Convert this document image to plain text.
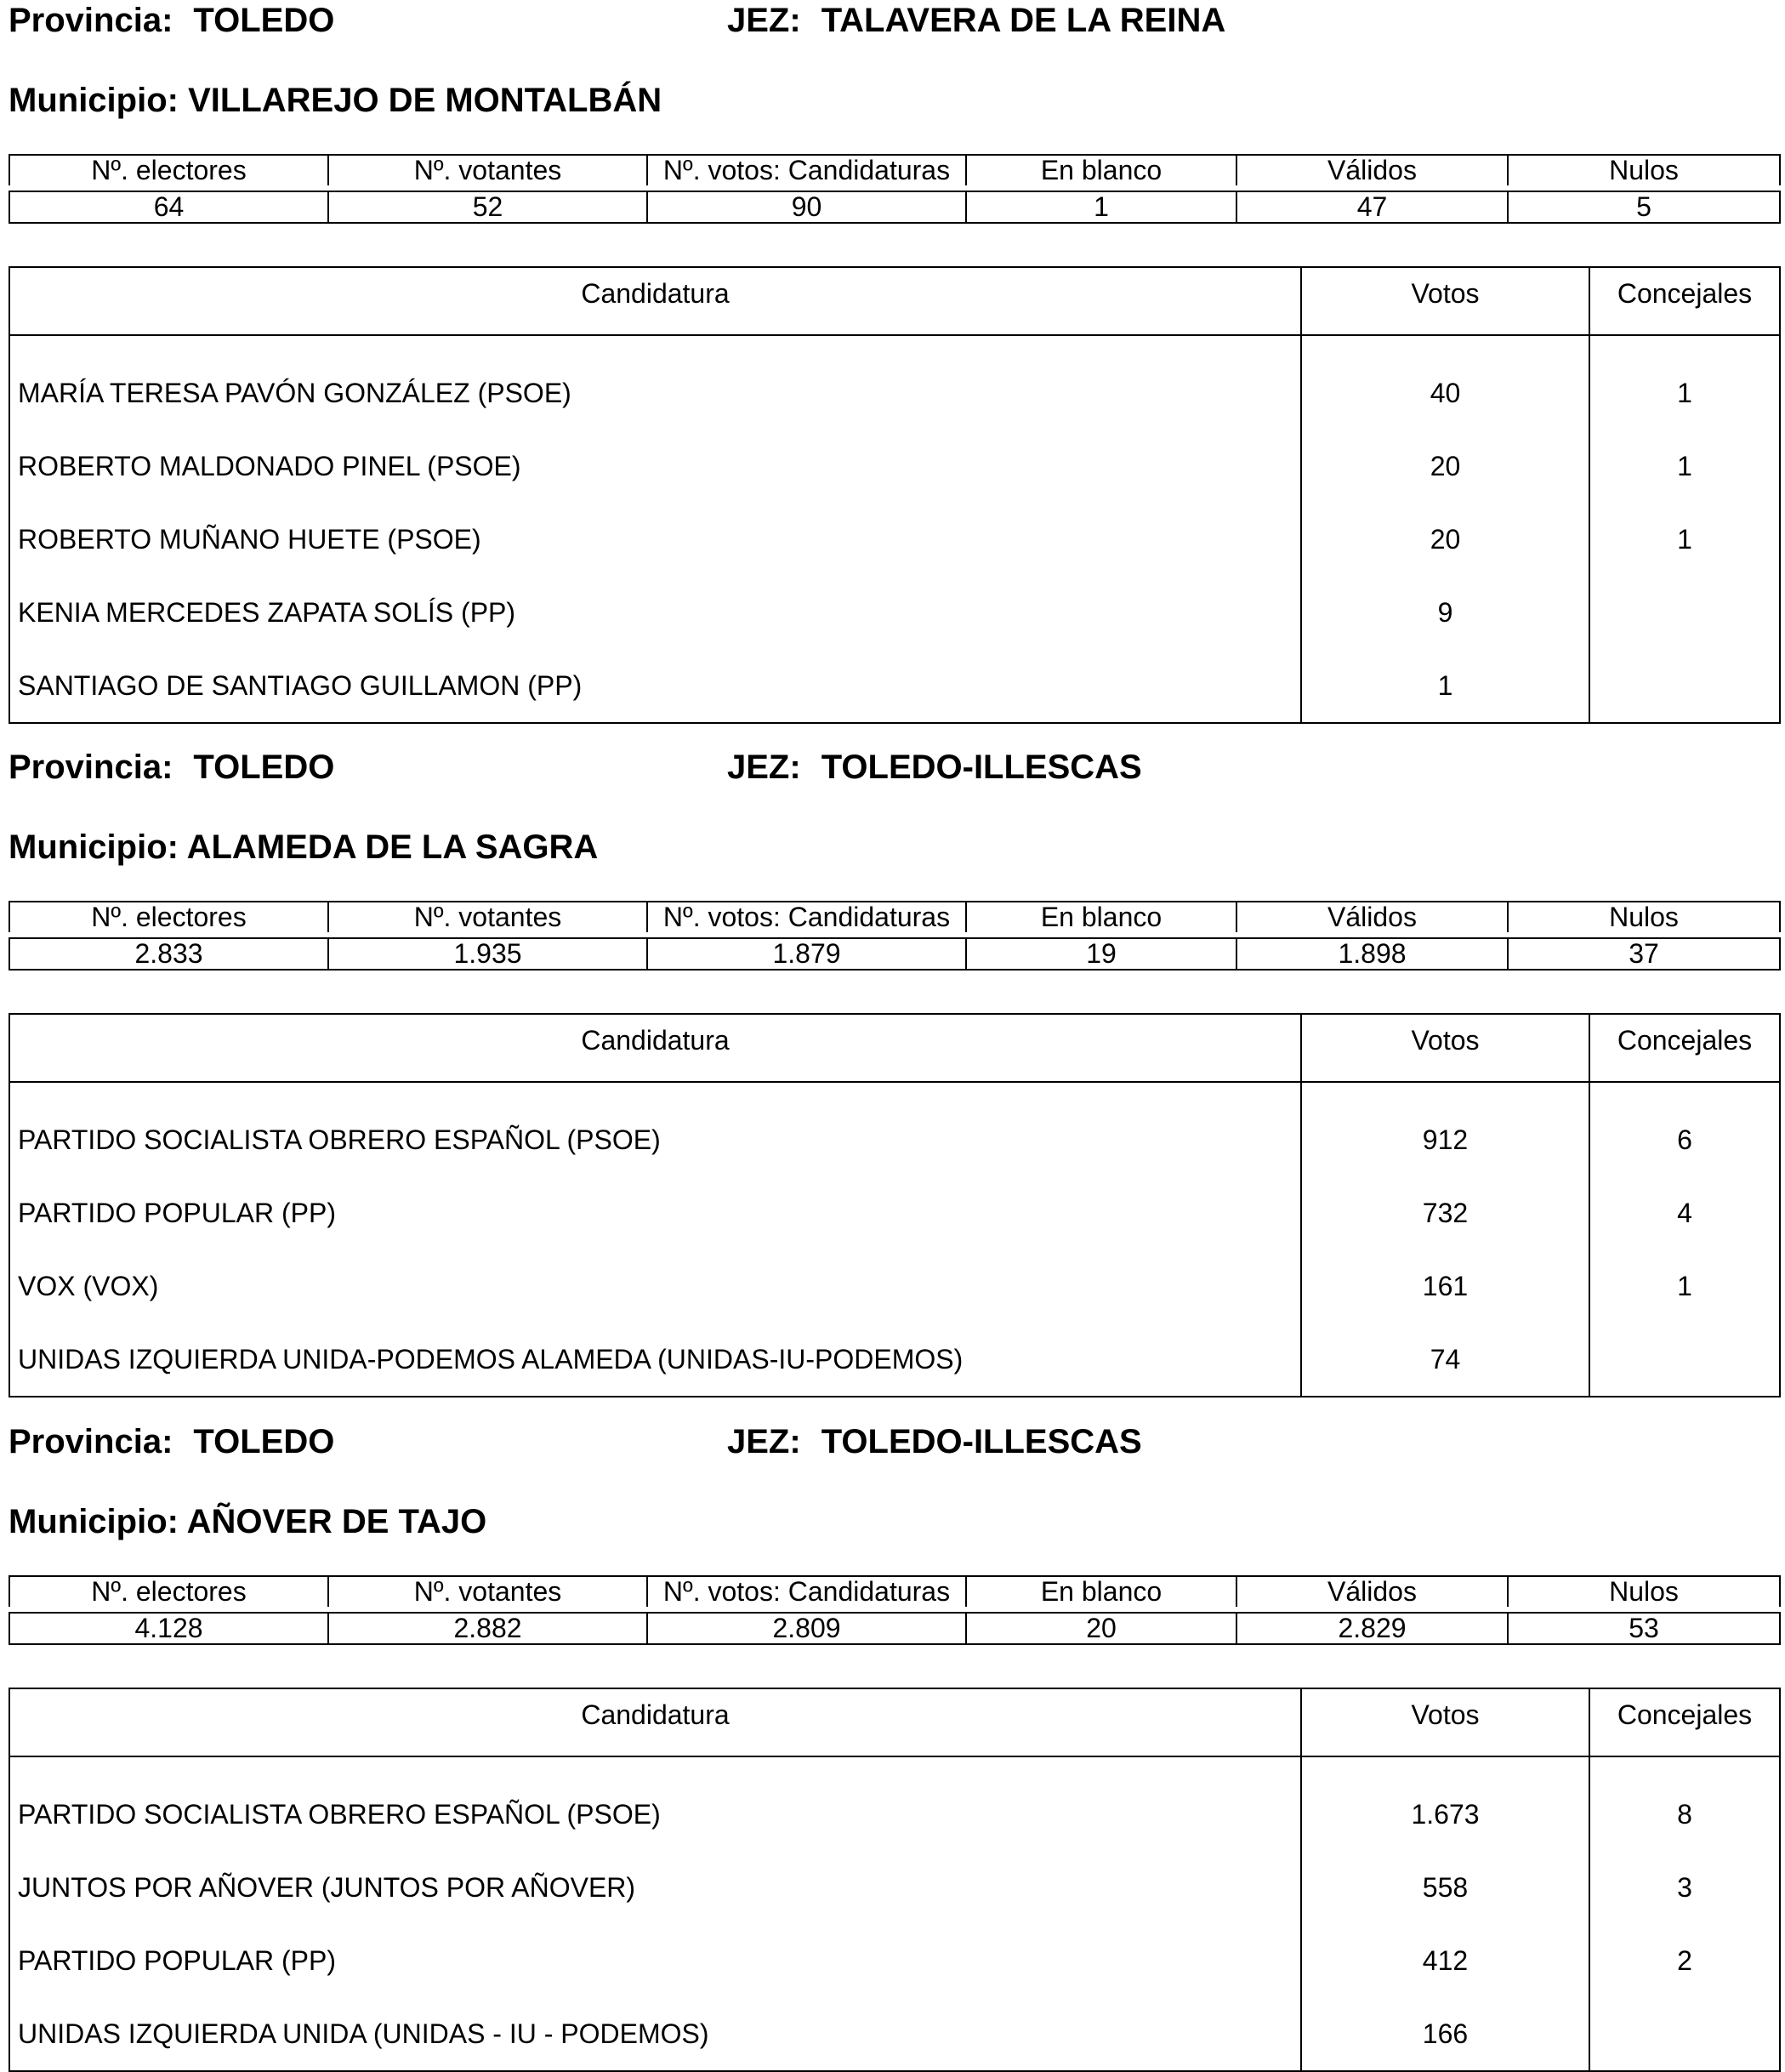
Provincia: TOLEDO	JEZ: TALAVERA DE LA REINA
Municipio: VILLAREJO DE MONTALBÁN
Nº. electores	Nº. votantes	Nº. votos: Candidaturas	En blanco	Válidos	Nulos

64	52	90	1	47	5
Candidatura	Votos	Concejales

MARÍA TERESA PAVÓN GONZÁLEZ (PSOE)	40	1
ROBERTO MALDONADO PINEL (PSOE)	20	1
ROBERTO MUÑANO HUETE (PSOE)	20	1
KENIA MERCEDES ZAPATA SOLÍS (PP)	9	
SANTIAGO DE SANTIAGO GUILLAMON (PP)	1	
Provincia: TOLEDO	JEZ: TOLEDO-ILLESCAS
Municipio: ALAMEDA DE LA SAGRA
Nº. electores	Nº. votantes	Nº. votos: Candidaturas	En blanco	Válidos	Nulos

2.833	1.935	1.879	19	1.898	37
Candidatura	Votos	Concejales

PARTIDO SOCIALISTA OBRERO ESPAÑOL (PSOE)	912	6
PARTIDO POPULAR (PP)	732	4
VOX (VOX)	161	1
UNIDAS IZQUIERDA UNIDA-PODEMOS ALAMEDA (UNIDAS-IU-PODEMOS)	74	
Provincia: TOLEDO	JEZ: TOLEDO-ILLESCAS
Municipio: AÑOVER DE TAJO
Nº. electores	Nº. votantes	Nº. votos: Candidaturas	En blanco	Válidos	Nulos

4.128	2.882	2.809	20	2.829	53
Candidatura	Votos	Concejales

PARTIDO SOCIALISTA OBRERO ESPAÑOL (PSOE)	1.673	8
JUNTOS POR AÑOVER (JUNTOS POR AÑOVER)	558	3
PARTIDO POPULAR (PP)	412	2
UNIDAS IZQUIERDA UNIDA (UNIDAS - IU - PODEMOS)	166	
